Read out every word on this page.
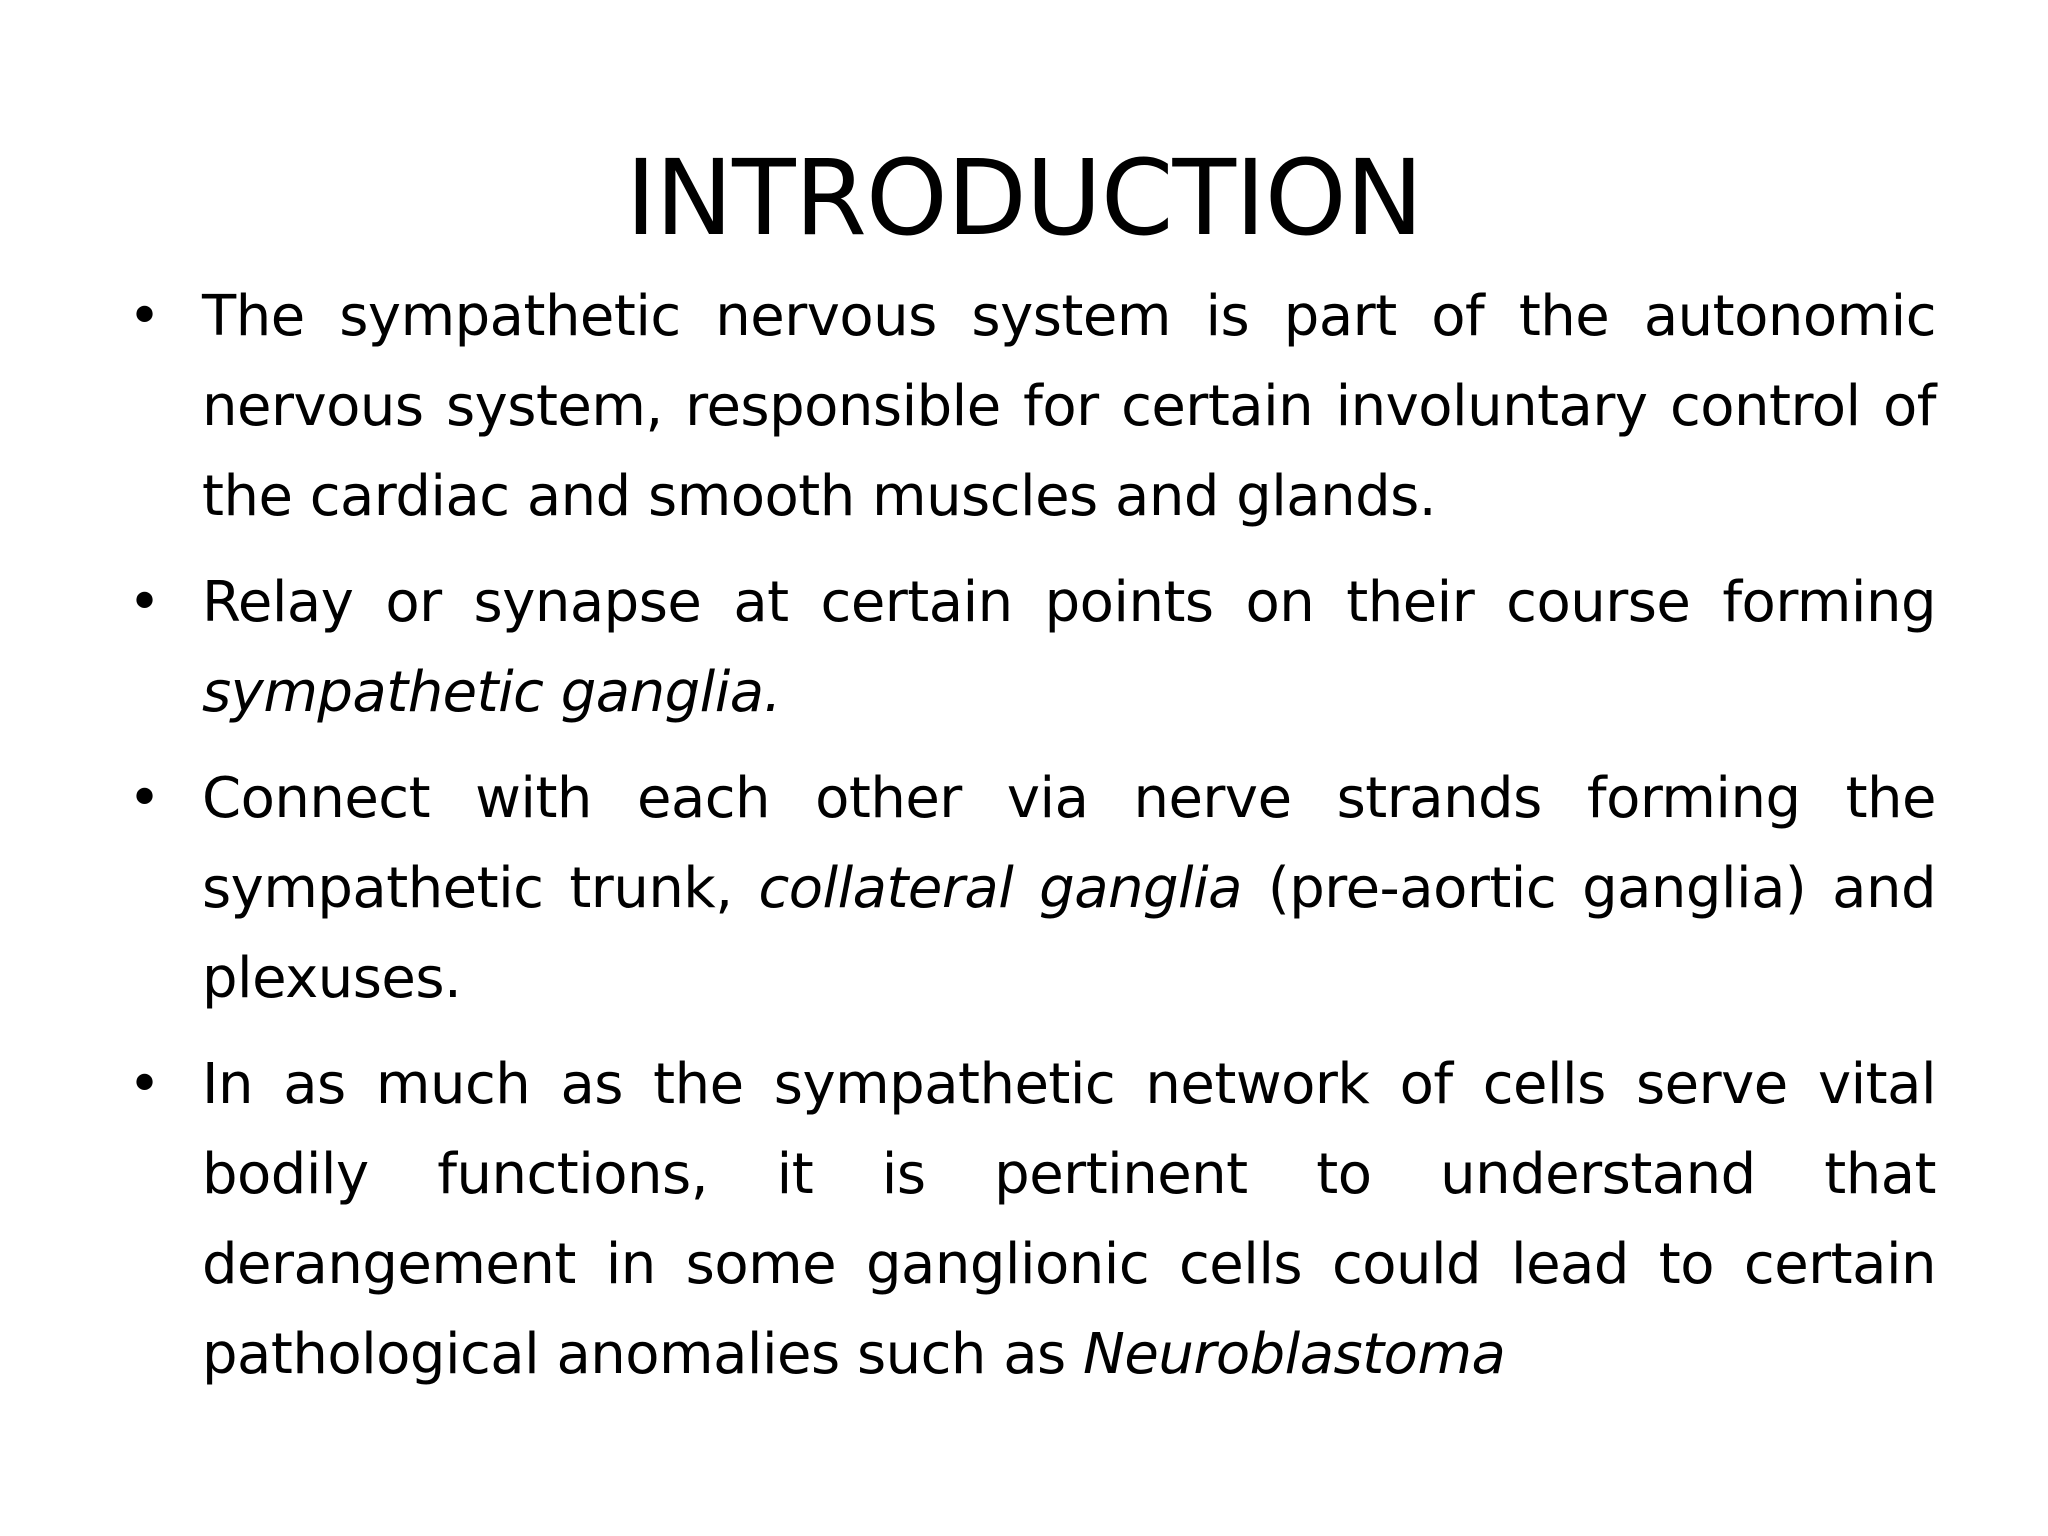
INTRODUCTION
• The sympathetic nervous system is part of the autonomic nervous system, responsible for certain involuntary control of the cardiac and smooth muscles and glands.
• Relay or synapse at certain points on their course forming sympathetic ganglia.
• Connect with each other via nerve strands forming the sympathetic trunk, collateral ganglia (pre-aortic ganglia) and plexuses.
• In as much as the sympathetic network of cells serve vital bodily functions, it is pertinent to understand that derangement in some ganglionic cells could lead to certain pathological anomalies such as Neuroblastoma
